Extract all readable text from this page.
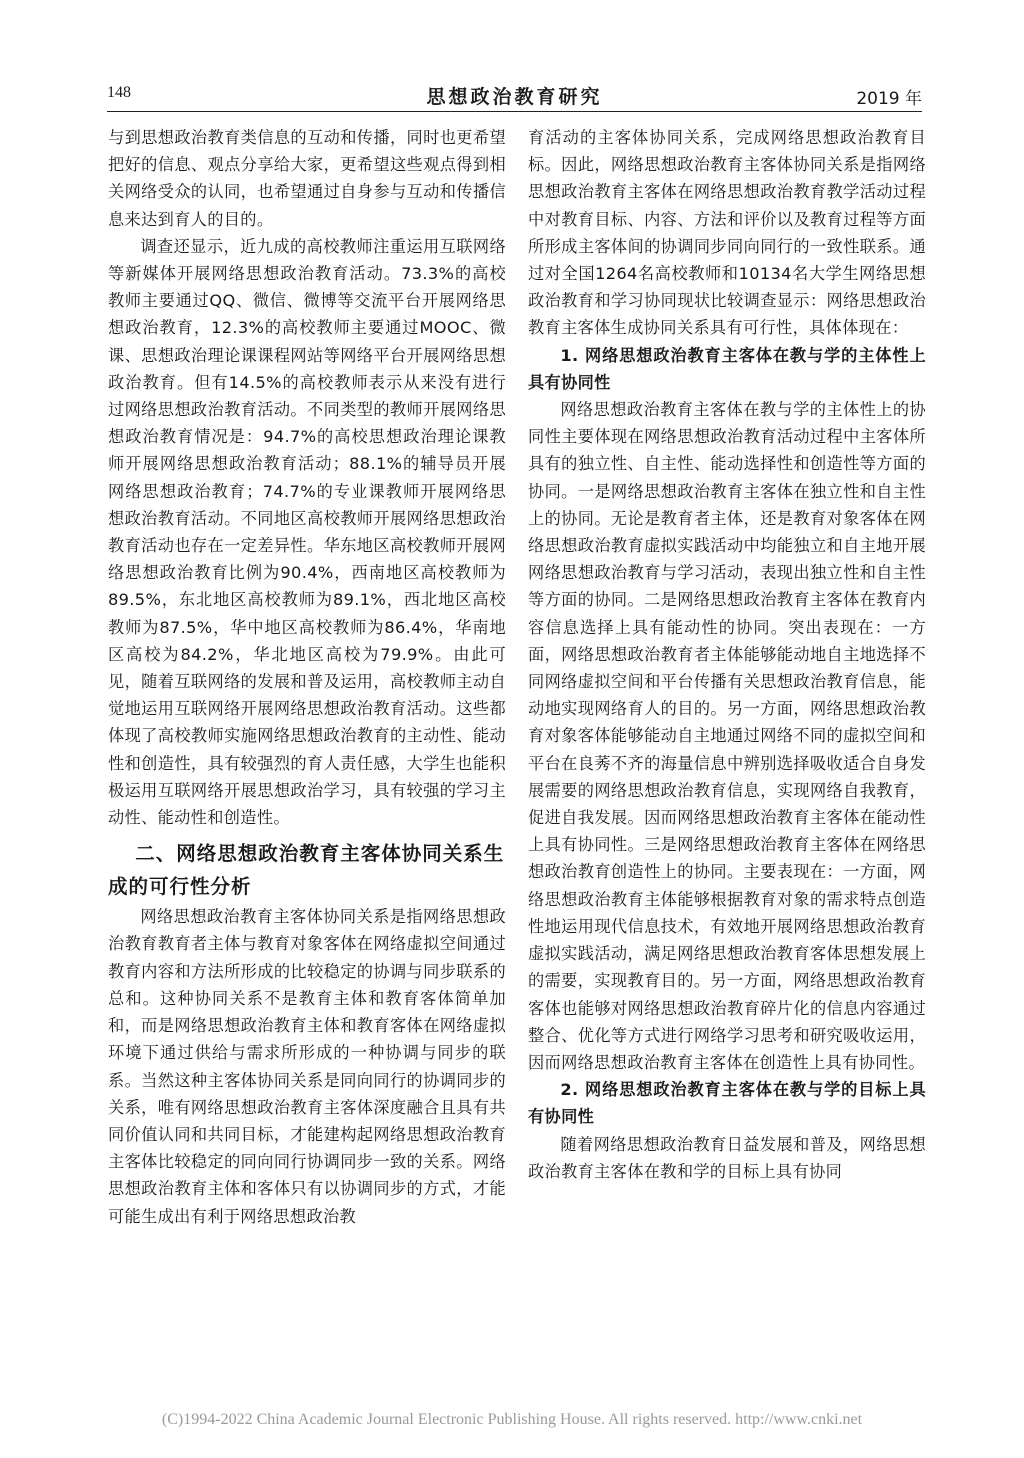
148	思想政治教育研究	2019 年

与到思想政治教育类信息的互动和传播，同时也更希望把好的信息、观点分享给大家，更希望这些观点得到相关网络受众的认同，也希望通过自身参与互动和传播信息来达到育人的目的。

调查还显示，近九成的高校教师注重运用互联网络等新媒体开展网络思想政治教育活动。73.3%的高校教师主要通过QQ、微信、微博等交流平台开展网络思想政治教育，12.3%的高校教师主要通过MOOC、微课、思想政治理论课课程网站等网络平台开展网络思想政治教育。但有14.5%的高校教师表示从来没有进行过网络思想政治教育活动。不同类型的教师开展网络思想政治教育情况是：94.7%的高校思想政治理论课教师开展网络思想政治教育活动；88.1%的辅导员开展网络思想政治教育；74.7%的专业课教师开展网络思想政治教育活动。不同地区高校教师开展网络思想政治教育活动也存在一定差异性。华东地区高校教师开展网络思想政治教育比例为90.4%，西南地区高校教师为89.5%，东北地区高校教师为89.1%，西北地区高校教师为87.5%，华中地区高校教师为86.4%，华南地区高校为84.2%，华北地区高校为79.9%。由此可见，随着互联网络的发展和普及运用，高校教师主动自觉地运用互联网络开展网络思想政治教育活动。这些都体现了高校教师实施网络思想政治教育的主动性、能动性和创造性，具有较强烈的育人责任感，大学生也能积极运用互联网络开展思想政治学习，具有较强的学习主动性、能动性和创造性。

二、网络思想政治教育主客体协同关系生成的可行性分析

网络思想政治教育主客体协同关系是指网络思想政治教育教育者主体与教育对象客体在网络虚拟空间通过教育内容和方法所形成的比较稳定的协调与同步联系的总和。这种协同关系不是教育主体和教育客体简单加和，而是网络思想政治教育主体和教育客体在网络虚拟环境下通过供给与需求所形成的一种协调与同步的联系。当然这种主客体协同关系是同向同行的协调同步的关系，唯有网络思想政治教育主客体深度融合且具有共同价值认同和共同目标，才能建构起网络思想政治教育主客体比较稳定的同向同行协调同步一致的关系。网络思想政治教育主体和客体只有以协调同步的方式，才能可能生成出有利于网络思想政治教

育活动的主客体协同关系，完成网络思想政治教育目标。因此，网络思想政治教育主客体协同关系是指网络思想政治教育主客体在网络思想政治教育教学活动过程中对教育目标、内容、方法和评价以及教育过程等方面所形成主客体间的协调同步同向同行的一致性联系。通过对全国1264名高校教师和10134名大学生网络思想政治教育和学习协同现状比较调查显示：网络思想政治教育主客体生成协同关系具有可行性，具体体现在：

1. 网络思想政治教育主客体在教与学的主体性上具有协同性

网络思想政治教育主客体在教与学的主体性上的协同性主要体现在网络思想政治教育活动过程中主客体所具有的独立性、自主性、能动选择性和创造性等方面的协同。一是网络思想政治教育主客体在独立性和自主性上的协同。无论是教育者主体，还是教育对象客体在网络思想政治教育虚拟实践活动中均能独立和自主地开展网络思想政治教育与学习活动，表现出独立性和自主性等方面的协同。二是网络思想政治教育主客体在教育内容信息选择上具有能动性的协同。突出表现在：一方面，网络思想政治教育者主体能够能动地自主地选择不同网络虚拟空间和平台传播有关思想政治教育信息，能动地实现网络育人的目的。另一方面，网络思想政治教育对象客体能够能动自主地通过网络不同的虚拟空间和平台在良莠不齐的海量信息中辨别选择吸收适合自身发展需要的网络思想政治教育信息，实现网络自我教育，促进自我发展。因而网络思想政治教育主客体在能动性上具有协同性。三是网络思想政治教育主客体在网络思想政治教育创造性上的协同。主要表现在：一方面，网络思想政治教育主体能够根据教育对象的需求特点创造性地运用现代信息技术，有效地开展网络思想政治教育虚拟实践活动，满足网络思想政治教育客体思想发展上的需要，实现教育目的。另一方面，网络思想政治教育客体也能够对网络思想政治教育碎片化的信息内容通过整合、优化等方式进行网络学习思考和研究吸收运用，因而网络思想政治教育主客体在创造性上具有协同性。

2. 网络思想政治教育主客体在教与学的目标上具有协同性

随着网络思想政治教育日益发展和普及，网络思想政治教育主客体在教和学的目标上具有协同

(C)1994-2022 China Academic Journal Electronic Publishing House. All rights reserved. http://www.cnki.net
